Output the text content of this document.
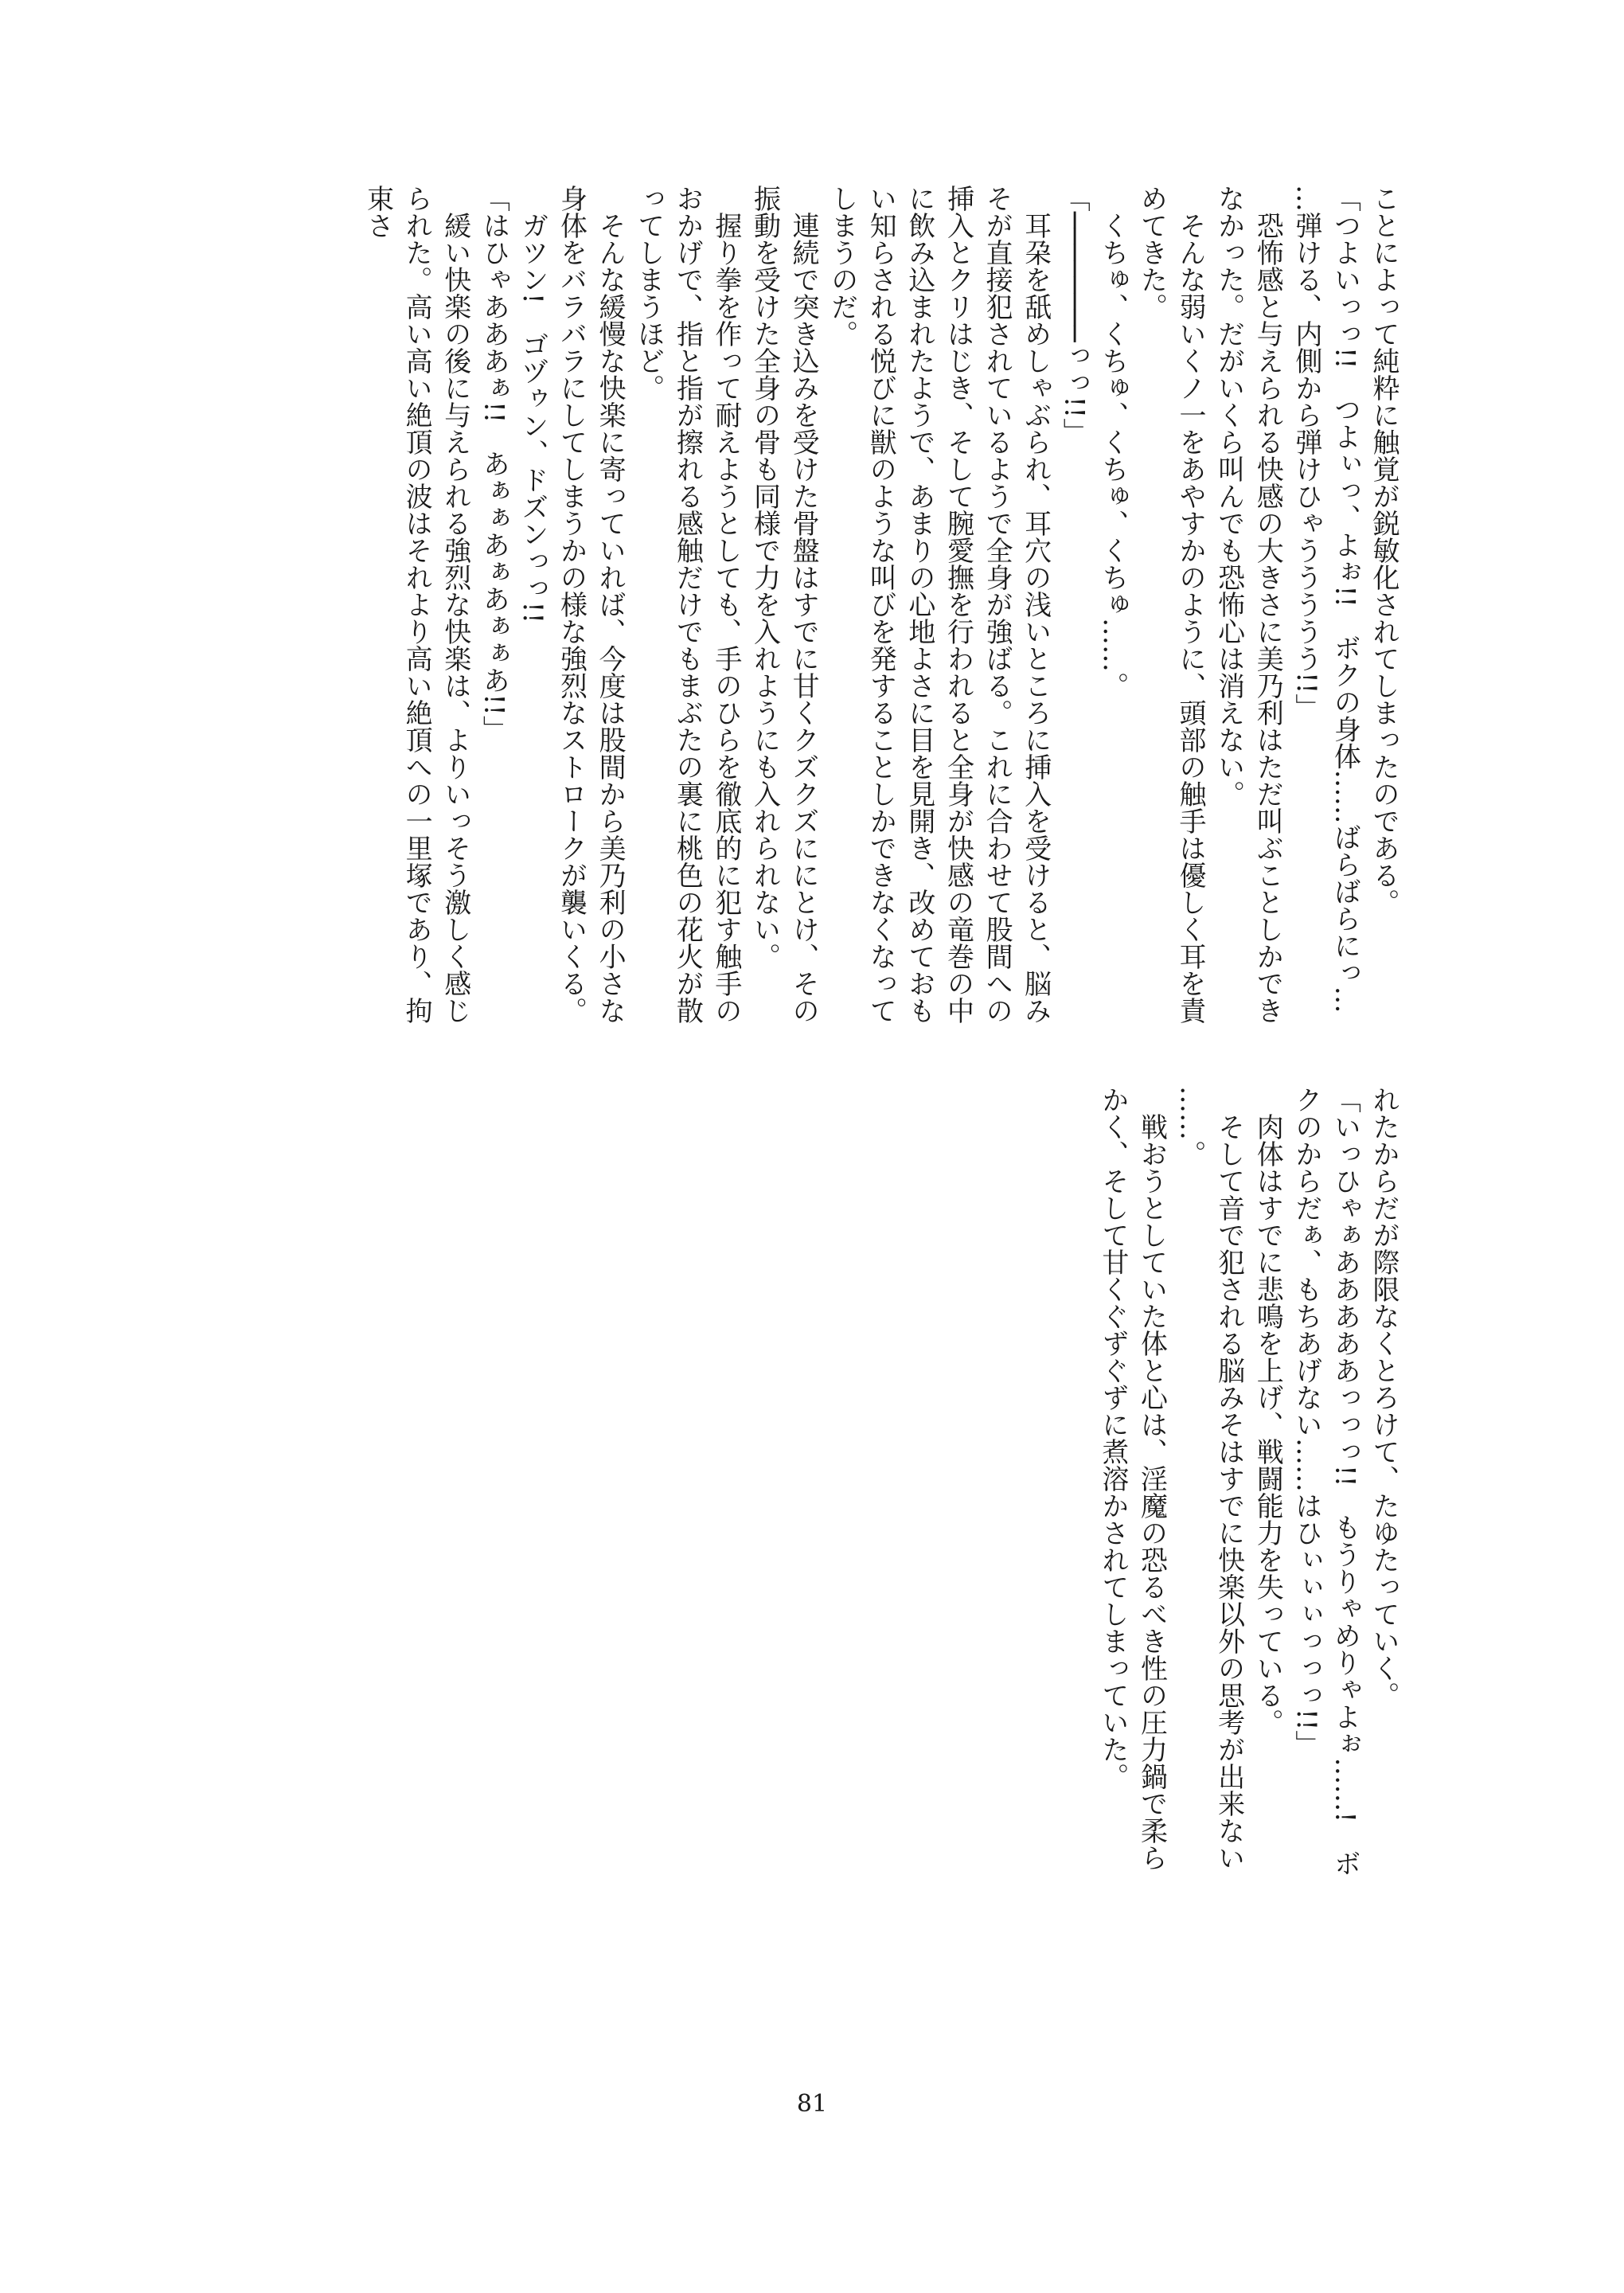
ことによって純粋に触覚が鋭敏化されてしまったのである。

「つよいっっ!!　つよぃっ、よぉ!!　ボクの身体……ばらばらにっ……弾ける、内側から弾けひゃううううう!!」

恐怖感と与えられる快感の大きさに美乃利はただ叫ぶことしかできなかった。だがいくら叫んでも恐怖心は消えない。

そんな弱いくノ一をあやすかのように、頭部の触手は優しく耳を責めてきた。

くちゅ、くちゅ、くちゅ、くちゅ……。

「────────っっ!!」

耳朶を舐めしゃぶられ、耳穴の浅いところに挿入を受けると、脳みそが直接犯されているようで全身が強ばる。これに合わせて股間への挿入とクリはじき、そして腕愛撫を行われると全身が快感の竜巻の中に飲み込まれたようで、あまりの心地よさに目を見開き、改めておもい知らされる悦びに獣のような叫びを発することしかできなくなってしまうのだ。

連続で突き込みを受けた骨盤はすでに甘くクズクズににとけ、その振動を受けた全身の骨も同様で力を入れようにも入れられない。

握り拳を作って耐えようとしても、手のひらを徹底的に犯す触手のおかげで、指と指が擦れる感触だけでもまぶたの裏に桃色の花火が散ってしまうほど。

そんな緩慢な快楽に寄っていれば、今度は股間から美乃利の小さな身体をバラバラにしてしまうかの様な強烈なストロークが襲いくる。

ガツン!　ゴヅゥン、ドズンっっ!!

「はひゃあああぁ!!　あぁぁあぁあぁぁあ!!」

緩い快楽の後に与えられる強烈な快楽は、よりいっそう激しく感じられた。高い高い絶頂の波はそれより高い絶頂への一里塚であり、拘束さ

れたからだが際限なくとろけて、たゆたっていく。

「いっひゃぁあああああっっっ!!　もうりゃめりゃよぉ……!　ボクのからだぁ、もちあげない……はひぃぃぃっっっ!!」

肉体はすでに悲鳴を上げ、戦闘能力を失っている。

そして音で犯される脳みそはすでに快楽以外の思考が出来ない……。

戦おうとしていた体と心は、淫魔の恐るべき性の圧力鍋で柔らかく、そして甘くぐずぐずに煮溶かされてしまっていた。

81
